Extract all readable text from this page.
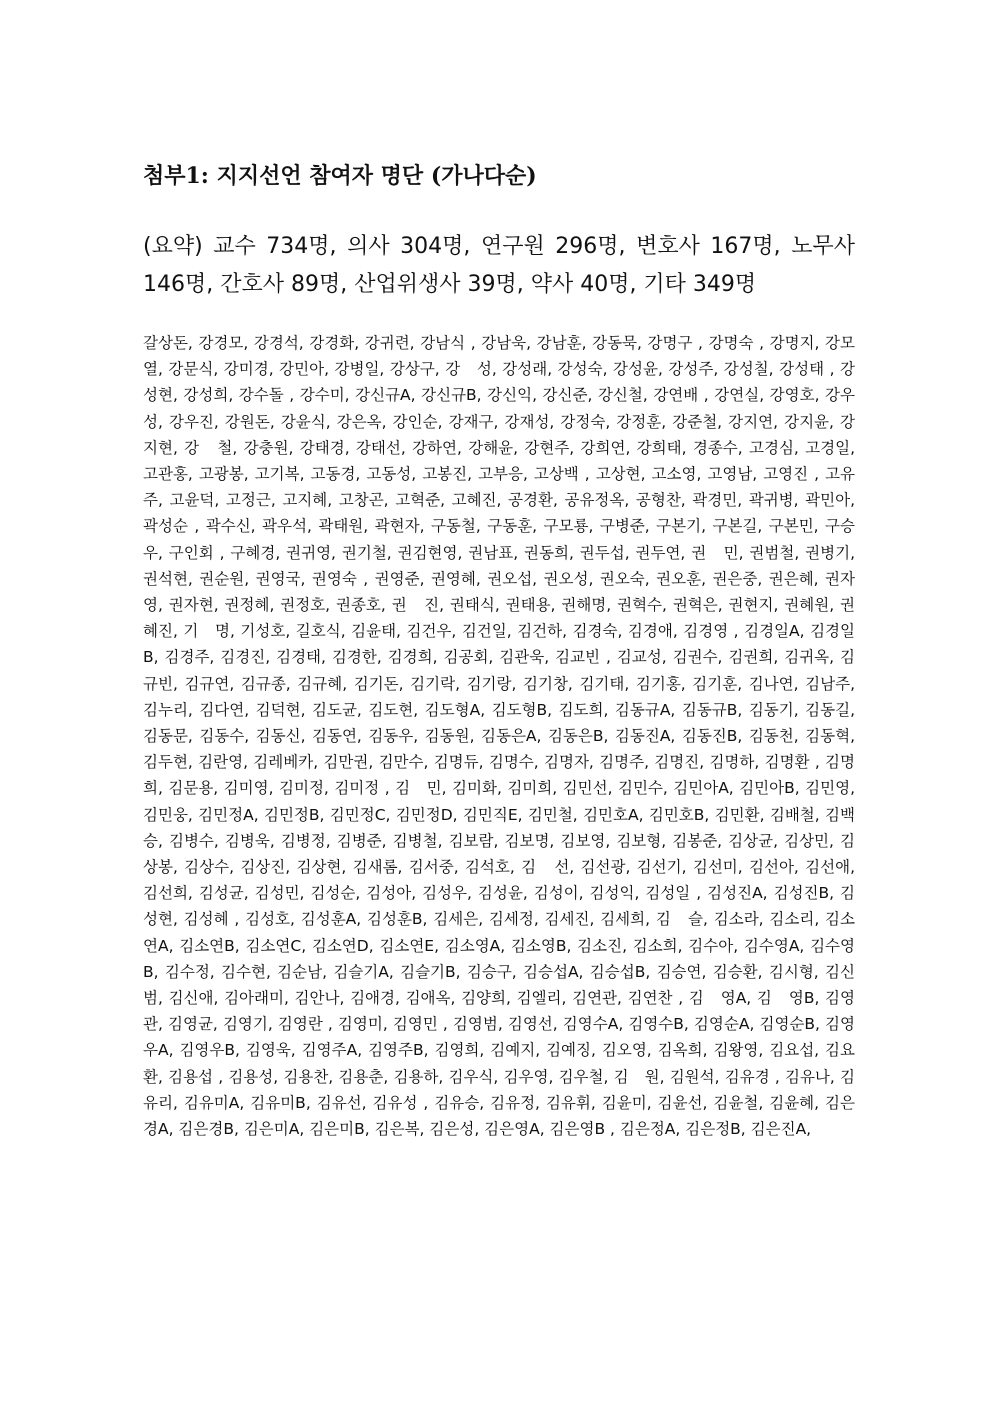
첨부1: 지지선언 참여자 명단 (가나다순)

(요약) 교수 734명, 의사 304명, 연구원 296명, 변호사 167명, 노무사 146명, 간호사 89명, 산업위생사 39명, 약사 40명, 기타 349명

갈상돈, 강경모, 강경석, 강경화, 강귀련, 강남식 , 강남욱, 강남훈, 강동묵, 강명구 , 강명숙 , 강명지, 강모열, 강문식, 강미경, 강민아, 강병일, 강상구, 강　성, 강성래, 강성숙, 강성윤, 강성주, 강성칠, 강성태 , 강성현, 강성희, 강수돌 , 강수미, 강신규A, 강신규B, 강신익, 강신준, 강신철, 강연배 , 강연실, 강영호, 강우성, 강우진, 강원돈, 강윤식, 강은옥, 강인순, 강재구, 강재성, 강정숙, 강정훈, 강준철, 강지연, 강지윤, 강지현, 강　철, 강충원, 강태경, 강태선, 강하연, 강해윤, 강현주, 강희연, 강희태, 경종수, 고경심, 고경일, 고관홍, 고광봉, 고기복, 고동경, 고동성, 고봉진, 고부응, 고상백 , 고상현, 고소영, 고영남, 고영진 , 고유주, 고윤덕, 고정근, 고지혜, 고창곤, 고혁준, 고혜진, 공경환, 공유정옥, 공형찬, 곽경민, 곽귀병, 곽민아, 곽성순 , 곽수신, 곽우석, 곽태원, 곽현자, 구동철, 구동훈, 구모룡, 구병준, 구본기, 구본길, 구본민, 구승우, 구인회 , 구혜경, 권귀영, 권기철, 권김현영, 권남표, 권동희, 권두섭, 권두연, 권　민, 권범철, 권병기, 권석현, 권순원, 권영국, 권영숙 , 권영준, 권영혜, 권오섭, 권오성, 권오숙, 권오훈, 권은중, 권은혜, 권자영, 권자현, 권정혜, 권정호, 권종호, 권　진, 권태식, 권태용, 권해명, 권혁수, 권혁은, 권현지, 권혜원, 권혜진, 기　명, 기성호, 길호식, 김윤태, 김건우, 김건일, 김건하, 김경숙, 김경애, 김경영 , 김경일A, 김경일B, 김경주, 김경진, 김경태, 김경한, 김경희, 김공회, 김관욱, 김교빈 , 김교성, 김권수, 김권희, 김귀옥, 김규빈, 김규연, 김규종, 김규혜, 김기돈, 김기락, 김기랑, 김기창, 김기태, 김기홍, 김기훈, 김나연, 김남주, 김누리, 김다연, 김덕현, 김도균, 김도현, 김도형A, 김도형B, 김도희, 김동규A, 김동규B, 김동기, 김동길, 김동문, 김동수, 김동신, 김동연, 김동우, 김동원, 김동은A, 김동은B, 김동진A, 김동진B, 김동천, 김동혁, 김두현, 김란영, 김레베카, 김만권, 김만수, 김명듀, 김명수, 김명자, 김명주, 김명진, 김명하, 김명환 , 김명희, 김문용, 김미영, 김미정, 김미정 , 김　민, 김미화, 김미희, 김민선, 김민수, 김민아A, 김민아B, 김민영, 김민웅, 김민정A, 김민정B, 김민정C, 김민정D, 김민직E, 김민철, 김민호A, 김민호B, 김민환, 김배철, 김백승, 김병수, 김병욱, 김병정, 김병준, 김병철, 김보람, 김보명, 김보영, 김보형, 김봉준, 김상균, 김상민, 김상봉, 김상수, 김상진, 김상현, 김새롬, 김서중, 김석호, 김　선, 김선광, 김선기, 김선미, 김선아, 김선애, 김선희, 김성균, 김성민, 김성순, 김성아, 김성우, 김성윤, 김성이, 김성익, 김성일 , 김성진A, 김성진B, 김성현, 김성혜 , 김성호, 김성훈A, 김성훈B, 김세은, 김세정, 김세진, 김세희, 김　슬, 김소라, 김소리, 김소연A, 김소연B, 김소연C, 김소연D, 김소연E, 김소영A, 김소영B, 김소진, 김소희, 김수아, 김수영A, 김수영B, 김수정, 김수현, 김순남, 김슬기A, 김슬기B, 김승구, 김승섭A, 김승섭B, 김승연, 김승환, 김시형, 김신범, 김신애, 김아래미, 김안나, 김애경, 김애옥, 김양희, 김엘리, 김연관, 김연찬 , 김　영A, 김　영B, 김영관, 김영균, 김영기, 김영란 , 김영미, 김영민 , 김영범, 김영선, 김영수A, 김영수B, 김영순A, 김영순B, 김영우A, 김영우B, 김영욱, 김영주A, 김영주B, 김영희, 김예지, 김예징, 김오영, 김옥희, 김왕영, 김요섭, 김요환, 김용섭 , 김용성, 김용찬, 김용춘, 김용하, 김우식, 김우영, 김우철, 김　원, 김원석, 김유경 , 김유나, 김유리, 김유미A, 김유미B, 김유선, 김유성 , 김유승, 김유정, 김유휘, 김윤미, 김윤선, 김윤철, 김윤혜, 김은경A, 김은경B, 김은미A, 김은미B, 김은복, 김은성, 김은영A, 김은영B , 김은정A, 김은정B, 김은진A,
